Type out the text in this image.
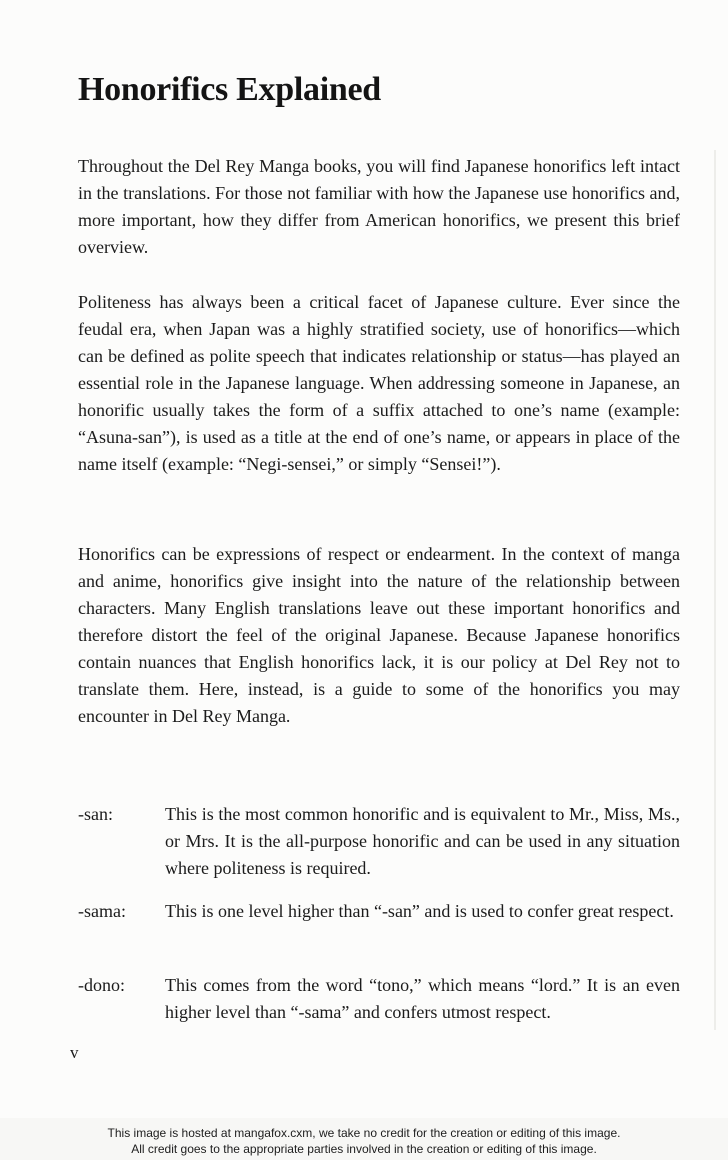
Honorifics Explained

Throughout the Del Rey Manga books, you will find Japanese honorifics left intact in the translations. For those not familiar with how the Japanese use honorifics and, more important, how they differ from American honorifics, we present this brief overview.

Politeness has always been a critical facet of Japanese culture. Ever since the feudal era, when Japan was a highly stratified society, use of honorifics—which can be defined as polite speech that indicates relationship or status—has played an essential role in the Japanese language. When addressing someone in Japanese, an honorific usually takes the form of a suffix attached to one’s name (example: “Asuna-san”), is used as a title at the end of one’s name, or appears in place of the name itself (example: “Negi-sensei,” or simply “Sensei!”).

Honorifics can be expressions of respect or endearment. In the context of manga and anime, honorifics give insight into the nature of the relationship between characters. Many English translations leave out these important honorifics and therefore distort the feel of the original Japanese. Because Japanese honorifics contain nuances that English honorifics lack, it is our policy at Del Rey not to translate them. Here, instead, is a guide to some of the honorifics you may encounter in Del Rey Manga.

-san:	This is the most common honorific and is equivalent to Mr., Miss, Ms., or Mrs. It is the all-purpose honorific and can be used in any situation where politeness is required.
-sama:	This is one level higher than “-san” and is used to confer great respect.
-dono:	This comes from the word “tono,” which means “lord.” It is an even higher level than “-sama” and confers utmost respect.
v
This image is hosted at mangafox.cxm, we take no credit for the creation or editing of this image.
All credit goes to the appropriate parties involved in the creation or editing of this image.
